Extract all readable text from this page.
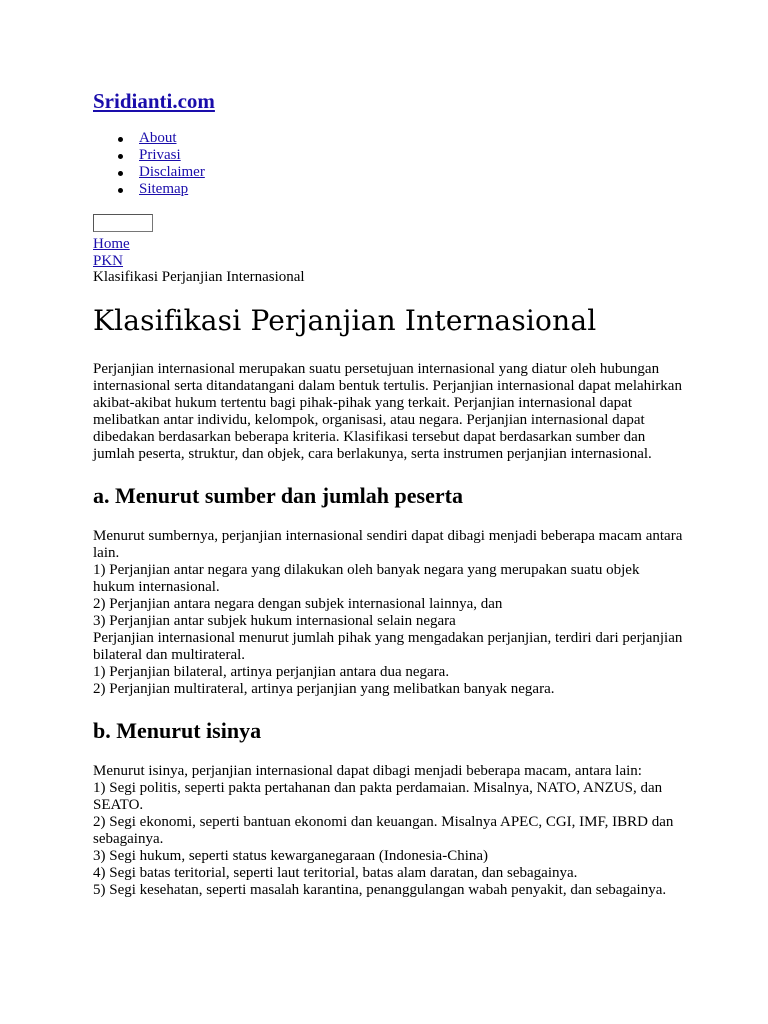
Sridianti.com
About
Privasi
Disclaimer
Sitemap
Home
PKN
Klasifikasi Perjanjian Internasional
Klasifikasi Perjanjian Internasional

Perjanjian internasional merupakan suatu persetujuan internasional yang diatur oleh hubungan internasional serta ditandatangani dalam bentuk tertulis. Perjanjian internasional dapat melahirkan akibat-akibat hukum tertentu bagi pihak-pihak yang terkait. Perjanjian internasional dapat melibatkan antar individu, kelompok, organisasi, atau negara. Perjanjian internasional dapat dibedakan berdasarkan beberapa kriteria. Klasifikasi tersebut dapat berdasarkan sumber dan jumlah peserta, struktur, dan objek, cara berlakunya, serta instrumen perjanjian internasional.

a. Menurut sumber dan jumlah peserta
Menurut sumbernya, perjanjian internasional sendiri dapat dibagi menjadi beberapa macam antara lain.
1) Perjanjian antar negara yang dilakukan oleh banyak negara yang merupakan suatu objek hukum internasional.
2) Perjanjian antara negara dengan subjek internasional lainnya, dan
3) Perjanjian antar subjek hukum internasional selain negara
Perjanjian internasional menurut jumlah pihak yang mengadakan perjanjian, terdiri dari perjanjian bilateral dan multirateral.
1) Perjanjian bilateral, artinya perjanjian antara dua negara.
2) Perjanjian multirateral, artinya perjanjian yang melibatkan banyak negara.
b. Menurut isinya
Menurut isinya, perjanjian internasional dapat dibagi menjadi beberapa macam, antara lain:
1) Segi politis, seperti pakta pertahanan dan pakta perdamaian. Misalnya, NATO, ANZUS, dan SEATO.
2) Segi ekonomi, seperti bantuan ekonomi dan keuangan. Misalnya APEC, CGI, IMF, IBRD dan sebagainya.
3) Segi hukum, seperti status kewarganegaraan (Indonesia-China)
4) Segi batas teritorial, seperti laut teritorial, batas alam daratan, dan sebagainya.
5) Segi kesehatan, seperti masalah karantina, penanggulangan wabah penyakit, dan sebagainya.
